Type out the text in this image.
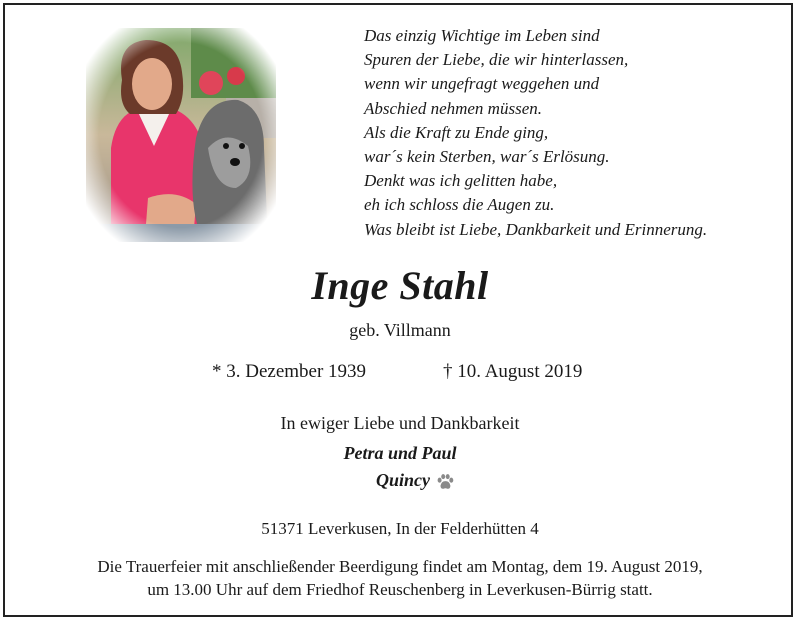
Das einzig Wichtige im Leben sind
Spuren der Liebe, die wir hinterlassen,
wenn wir ungefragt weggehen und
Abschied nehmen müssen.
Als die Kraft zu Ende ging,
war´s kein Sterben, war´s Erlösung.
Denkt was ich gelitten habe,
eh ich schloss die Augen zu.
Was bleibt ist Liebe, Dankbarkeit und Erinnerung.
Inge Stahl
geb. Villmann
* 3. Dezember 1939	† 10. August 2019
In ewiger Liebe und Dankbarkeit
Petra und Paul
Quincy
51371 Leverkusen, In der Felderhütten 4
Die Trauerfeier mit anschließender Beerdigung findet am Montag, dem 19. August 2019,
um 13.00 Uhr auf dem Friedhof Reuschenberg in Leverkusen-Bürrig statt.
